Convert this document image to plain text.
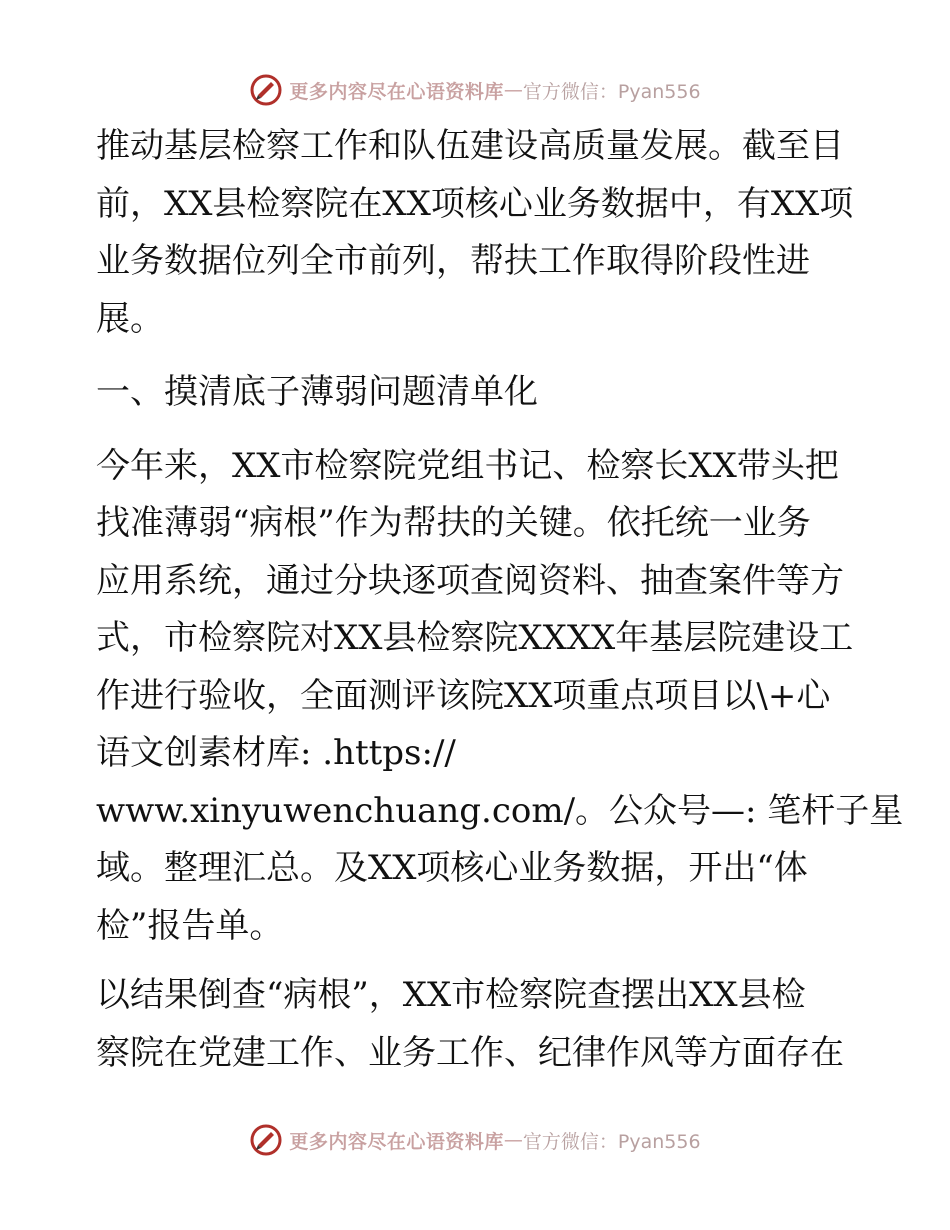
更多内容尽在心语资料库 — 官方微信：Pyan556
推动基层检察工作和队伍建设高质量发展。截至目
前，XX县检察院在XX项核心业务数据中，有XX项
业务数据位列全市前列，帮扶工作取得阶段性进
展。
一、摸清底子薄弱问题清单化
今年来，XX市检察院党组书记、检察长XX带头把
找准薄弱“病根”作为帮扶的关键。依托统一业务
应用系统，通过分块逐项查阅资料、抽查案件等方
式，市检察院对XX县检察院XXXX年基层院建设工
作进行验收，全面测评该院XX项重点项目以\+心
语文创素材库: .https://
www.xinyuwenchuang.com/。公众号—: 笔杆子星
域。整理汇总。及XX项核心业务数据，开出“体
检”报告单。
以结果倒查“病根”，XX市检察院查摆出XX县检
察院在党建工作、业务工作、纪律作风等方面存在
更多内容尽在心语资料库 — 官方微信：Pyan556
